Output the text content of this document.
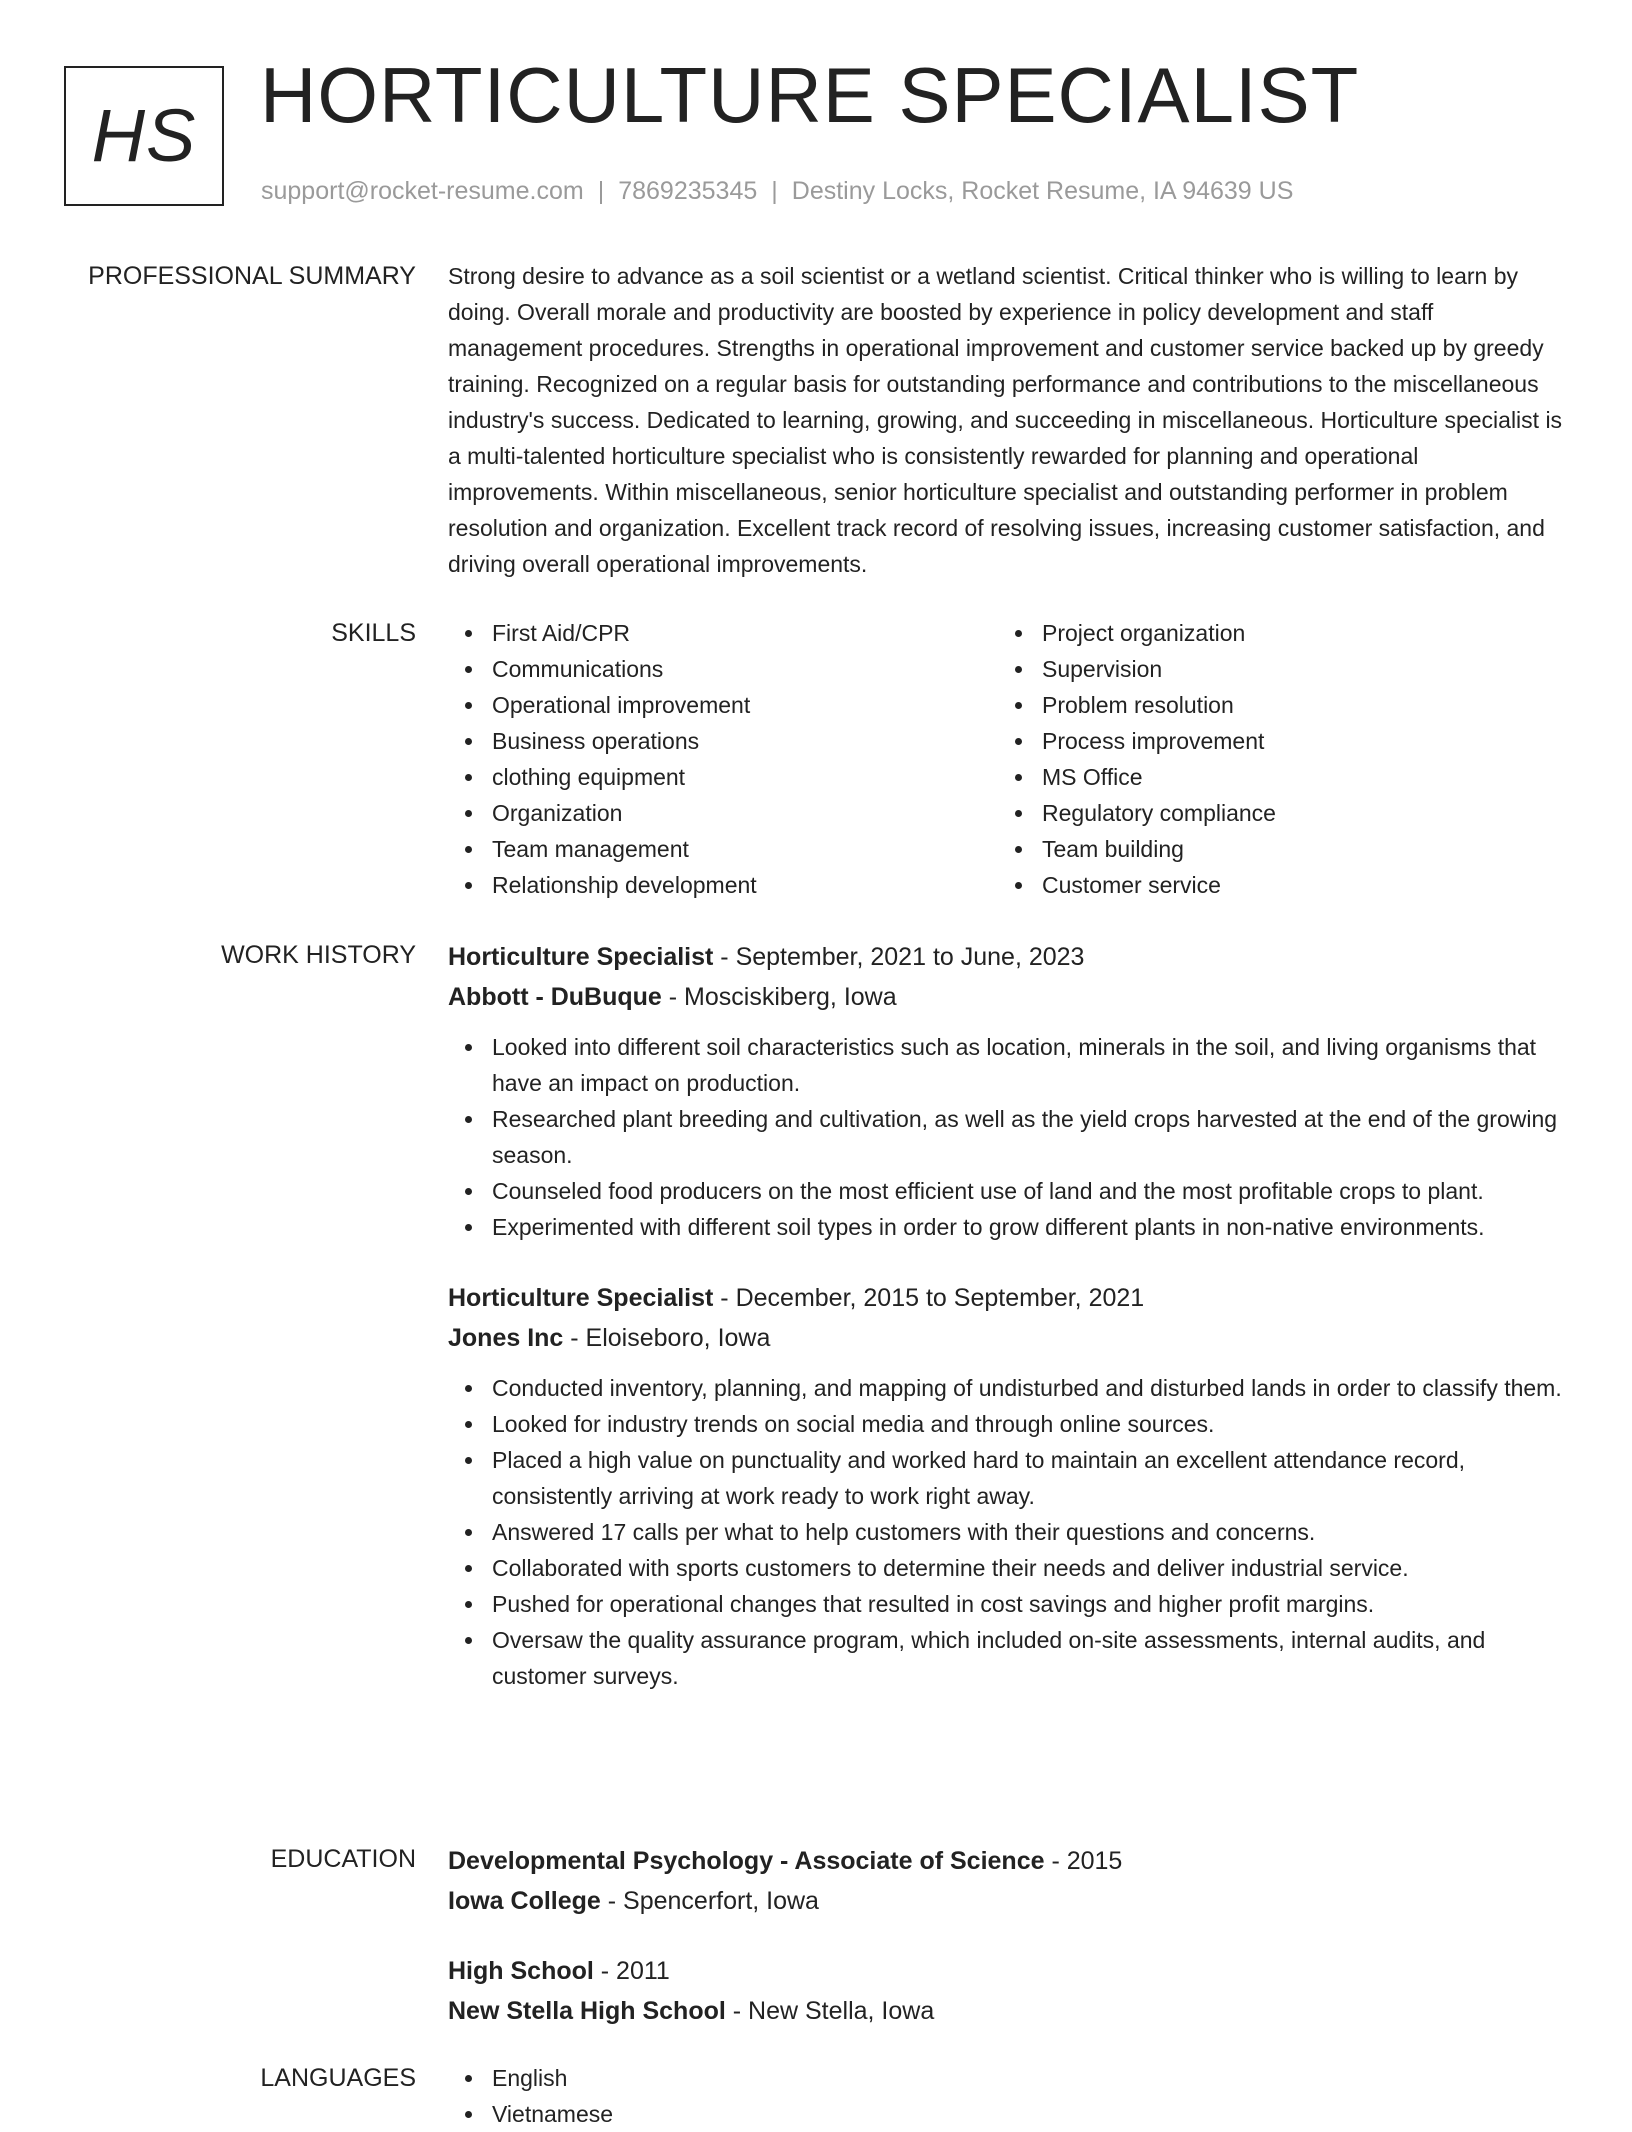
HS HORTICULTURE SPECIALIST
support@rocket-resume.com | 7869235345 | Destiny Locks, Rocket Resume, IA 94639 US
PROFESSIONAL SUMMARY Strong desire to advance as a soil scientist or a wetland scientist. Critical thinker who is willing to learn by doing. Overall morale and productivity are boosted by experience in policy development and staff management procedures. Strengths in operational improvement and customer service backed up by greedy training. Recognized on a regular basis for outstanding performance and contributions to the miscellaneous industry's success. Dedicated to learning, growing, and succeeding in miscellaneous. Horticulture specialist is a multi-talented horticulture specialist who is consistently rewarded for planning and operational improvements. Within miscellaneous, senior horticulture specialist and outstanding performer in problem resolution and organization. Excellent track record of resolving issues, increasing customer satisfaction, and driving overall operational improvements.

SKILLS	First Aid/CPR
Communications
Operational improvement
Business operations
clothing equipment
Organization
Team management
Relationship development
Project organization
Supervision
Problem resolution
Process improvement
MS Office
Regulatory compliance
Team building
Customer service
WORK HISTORY Horticulture Specialist - September, 2021 to June, 2023
Abbott - DuBuque - Mosciskiberg, Iowa
Looked into different soil characteristics such as location, minerals in the soil, and living organisms that have an impact on production.
Researched plant breeding and cultivation, as well as the yield crops harvested at the end of the growing season.
Counseled food producers on the most efficient use of land and the most profitable crops to plant.
Experimented with different soil types in order to grow different plants in non-native environments.
Horticulture Specialist - December, 2015 to September, 2021
Jones Inc - Eloiseboro, Iowa
Conducted inventory, planning, and mapping of undisturbed and disturbed lands in order to classify them.
Looked for industry trends on social media and through online sources.
Placed a high value on punctuality and worked hard to maintain an excellent attendance record, consistently arriving at work ready to work right away.
Answered 17 calls per what to help customers with their questions and concerns.
Collaborated with sports customers to determine their needs and deliver industrial service.
Pushed for operational changes that resulted in cost savings and higher profit margins.
Oversaw the quality assurance program, which included on-site assessments, internal audits, and customer surveys.
EDUCATION Developmental Psychology - Associate of Science - 2015
Iowa College - Spencerfort, Iowa
High School - 2011
New Stella High School - New Stella, Iowa
LANGUAGES	English
Vietnamese
